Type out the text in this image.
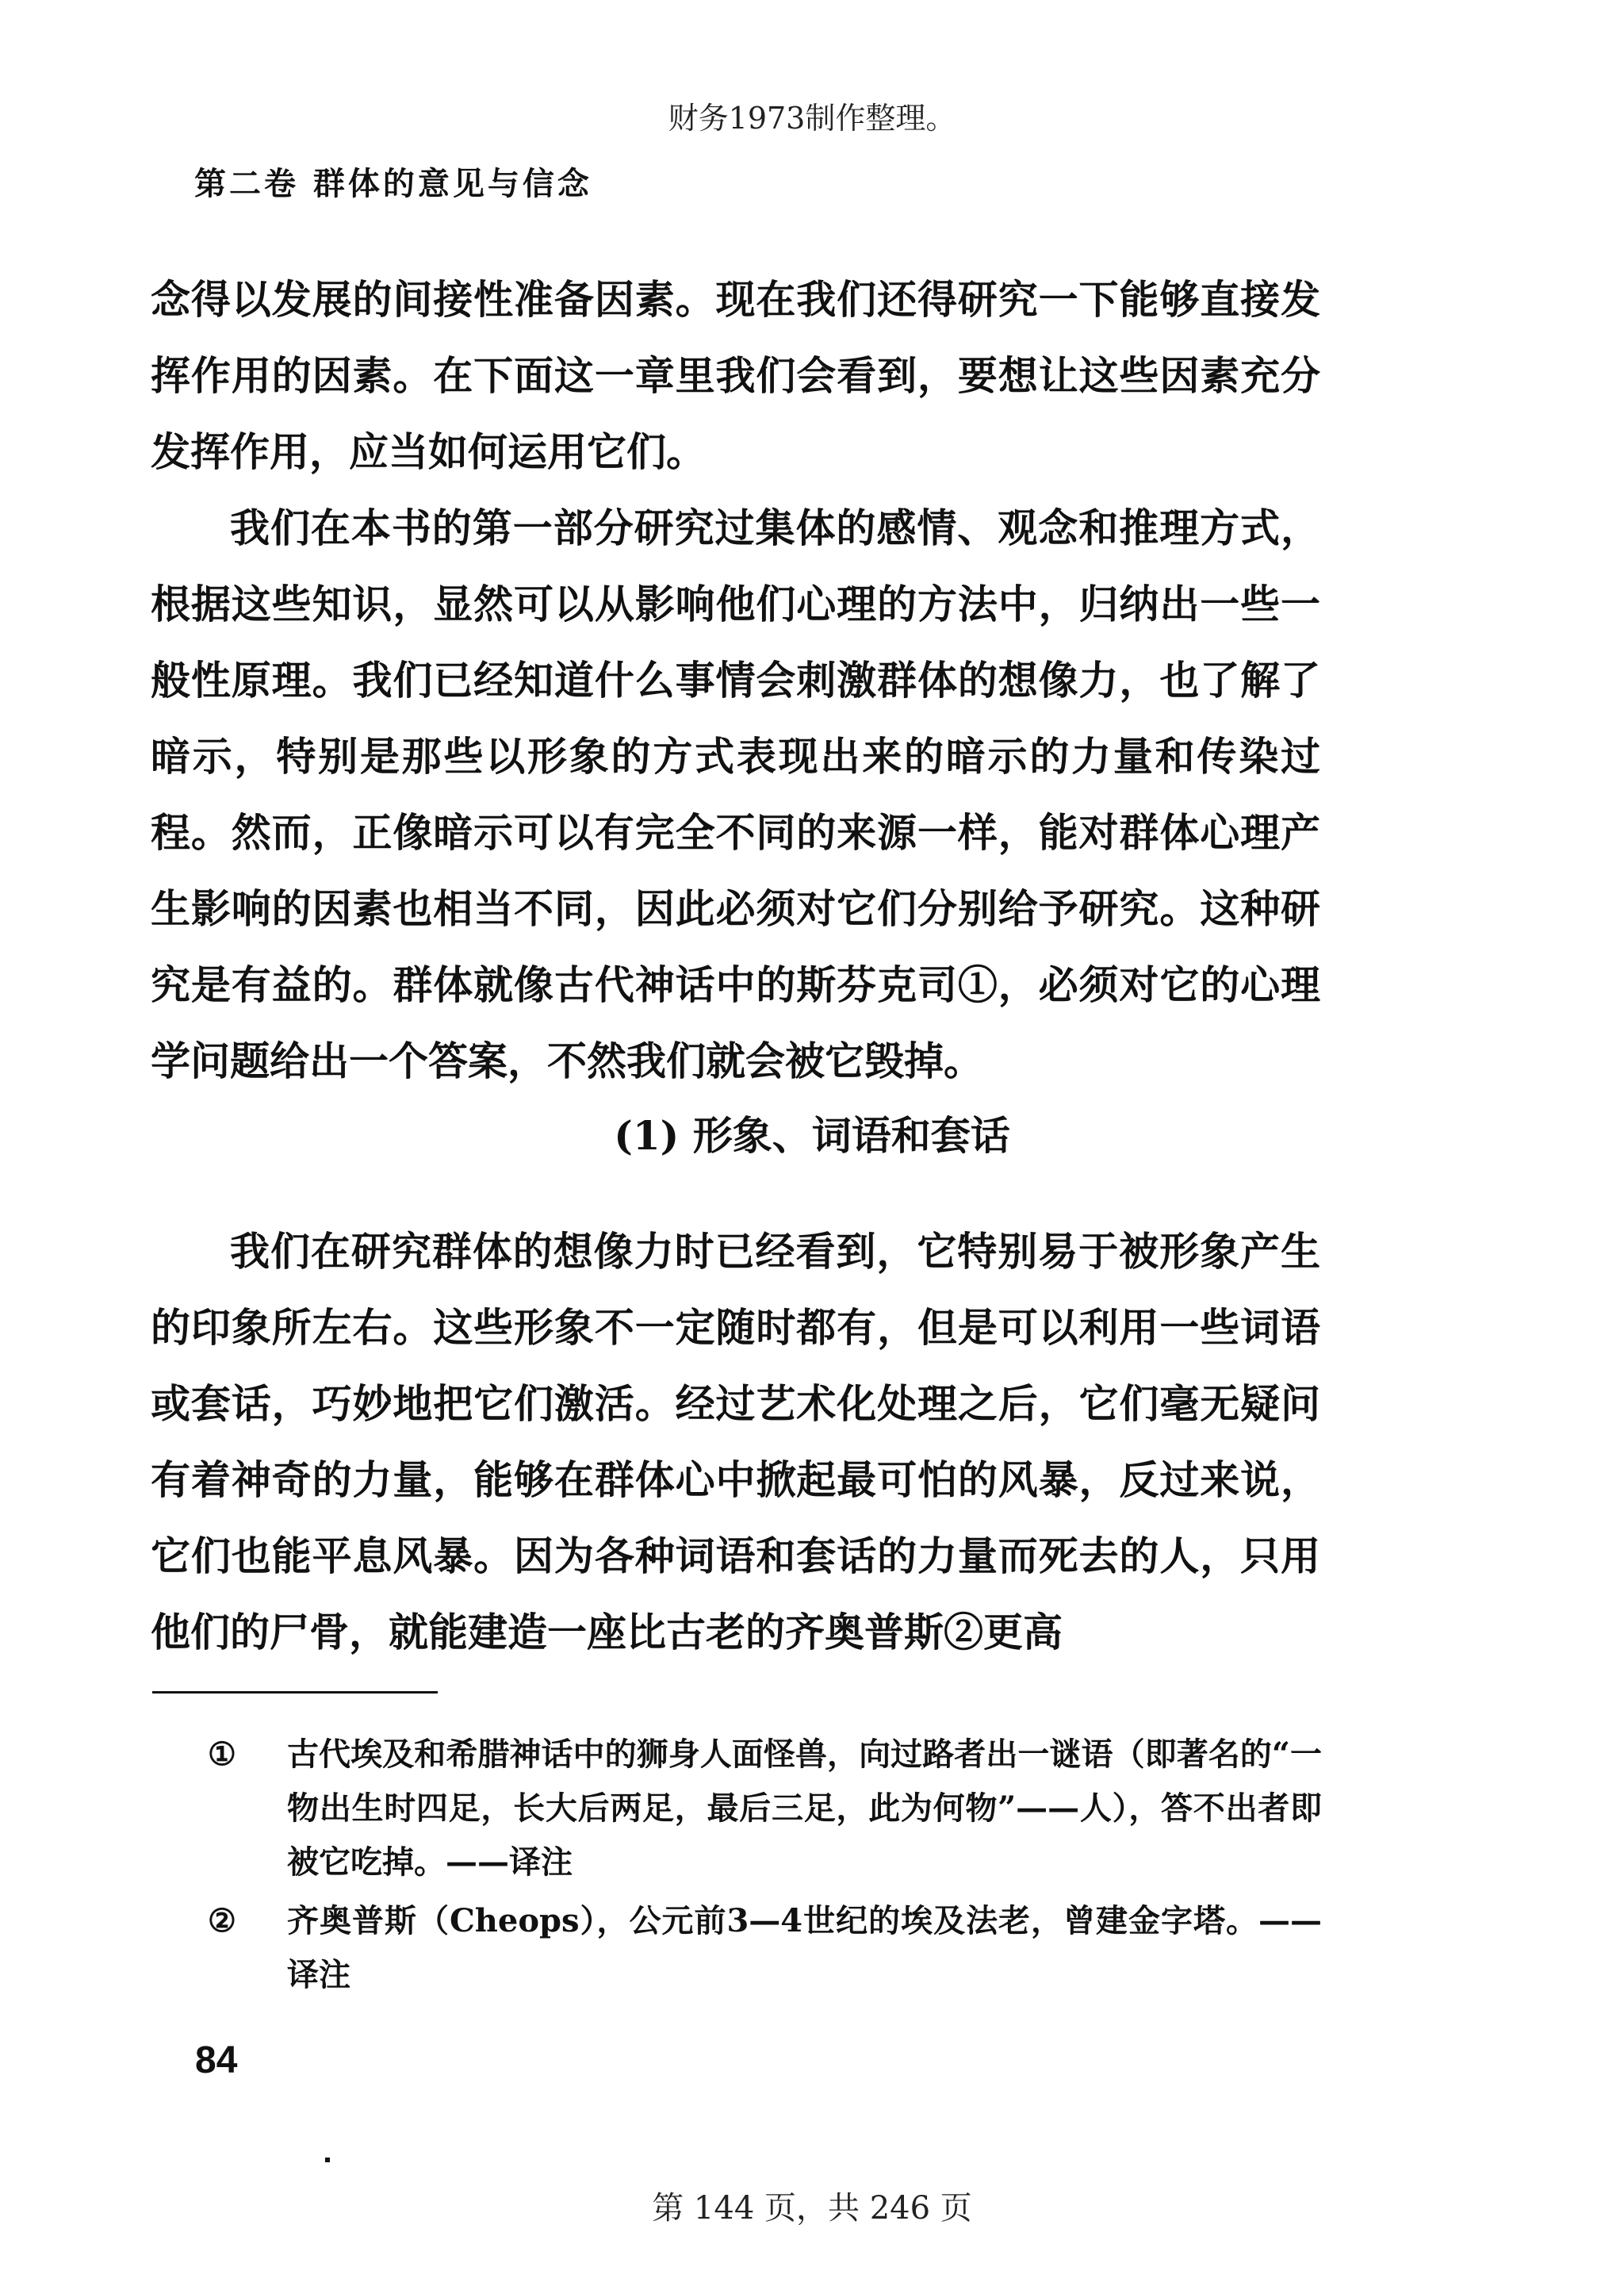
财务1973制作整理。
第二卷 群体的意见与信念

念得以发展的间接性准备因素。现在我们还得研究一下能够直接发挥作用的因素。在下面这一章里我们会看到，要想让这些因素充分发挥作用，应当如何运用它们。

我们在本书的第一部分研究过集体的感情、观念和推理方式，根据这些知识，显然可以从影响他们心理的方法中，归纳出一些一般性原理。我们已经知道什么事情会刺激群体的想像力，也了解了暗示，特别是那些以形象的方式表现出来的暗示的力量和传染过程。然而，正像暗示可以有完全不同的来源一样，能对群体心理产生影响的因素也相当不同，因此必须对它们分别给予研究。这种研究是有益的。群体就像古代神话中的斯芬克司①，必须对它的心理学问题给出一个答案，不然我们就会被它毁掉。

(1) 形象、词语和套话

我们在研究群体的想像力时已经看到，它特别易于被形象产生的印象所左右。这些形象不一定随时都有，但是可以利用一些词语或套话，巧妙地把它们激活。经过艺术化处理之后，它们毫无疑问有着神奇的力量，能够在群体心中掀起最可怕的风暴，反过来说，它们也能平息风暴。因为各种词语和套话的力量而死去的人，只用他们的尸骨，就能建造一座比古老的齐奥普斯②更高

① 古代埃及和希腊神话中的狮身人面怪兽，向过路者出一谜语（即著名的“一物出生时四足，长大后两足，最后三足，此为何物”——人），答不出者即被它吃掉。——译注
② 齐奥普斯（Cheops），公元前3—4世纪的埃及法老，曾建金字塔。——译注
84
第 144 页，共 246 页
